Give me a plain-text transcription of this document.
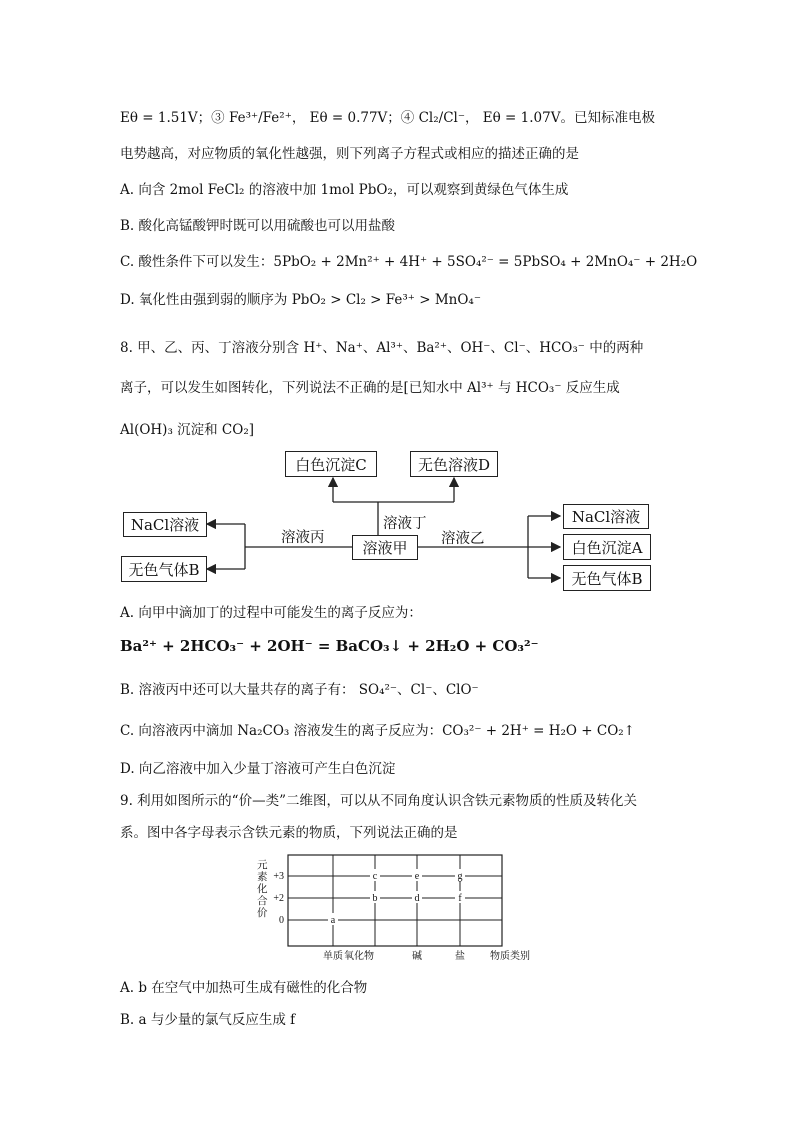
Eθ = 1.51V；③ Fe³⁺/Fe²⁺， Eθ = 0.77V；④ Cl₂/Cl⁻， Eθ = 1.07V。已知标准电极
电势越高，对应物质的氧化性越强，则下列离子方程式或相应的描述正确的是
A. 向含 2mol FeCl₂ 的溶液中加 1mol PbO₂，可以观察到黄绿色气体生成
B. 酸化高锰酸钾时既可以用硫酸也可以用盐酸
C. 酸性条件下可以发生：5PbO₂ + 2Mn²⁺ + 4H⁺ + 5SO₄²⁻ = 5PbSO₄ + 2MnO₄⁻ + 2H₂O
D. 氧化性由强到弱的顺序为 PbO₂ > Cl₂ > Fe³⁺ > MnO₄⁻
8. 甲、乙、丙、丁溶液分别含 H⁺、Na⁺、Al³⁺、Ba²⁺、OH⁻、Cl⁻、HCO₃⁻ 中的两种
离子，可以发生如图转化，下列说法不正确的是[已知水中 Al³⁺ 与 HCO₃⁻ 反应生成
Al(OH)₃ 沉淀和 CO₂]
白色沉淀C	无色溶液D
NaCl溶液
无色气体B
溶液甲
NaCl溶液
白色沉淀A
无色气体B
溶液丙
溶液丁
溶液乙
A. 向甲中滴加丁的过程中可能发生的离子反应为：
Ba²⁺ + 2HCO₃⁻ + 2OH⁻ = BaCO₃↓ + 2H₂O + CO₃²⁻
B. 溶液丙中还可以大量共存的离子有： SO₄²⁻、Cl⁻、ClO⁻
C. 向溶液丙中滴加 Na₂CO₃ 溶液发生的离子反应为：CO₃²⁻ + 2H⁺ = H₂O + CO₂↑
D. 向乙溶液中加入少量丁溶液可产生白色沉淀
9. 利用如图所示的“价—类”二维图，可以从不同角度认识含铁元素物质的性质及转化关
系。图中各字母表示含铁元素的物质，下列说法正确的是
+3
+2
0
单质 氧化物	碱	盐	物质类别
a
b
c
d
e
f
g
元素化合价
A. b 在空气中加热可生成有磁性的化合物
B. a 与少量的氯气反应生成 f
